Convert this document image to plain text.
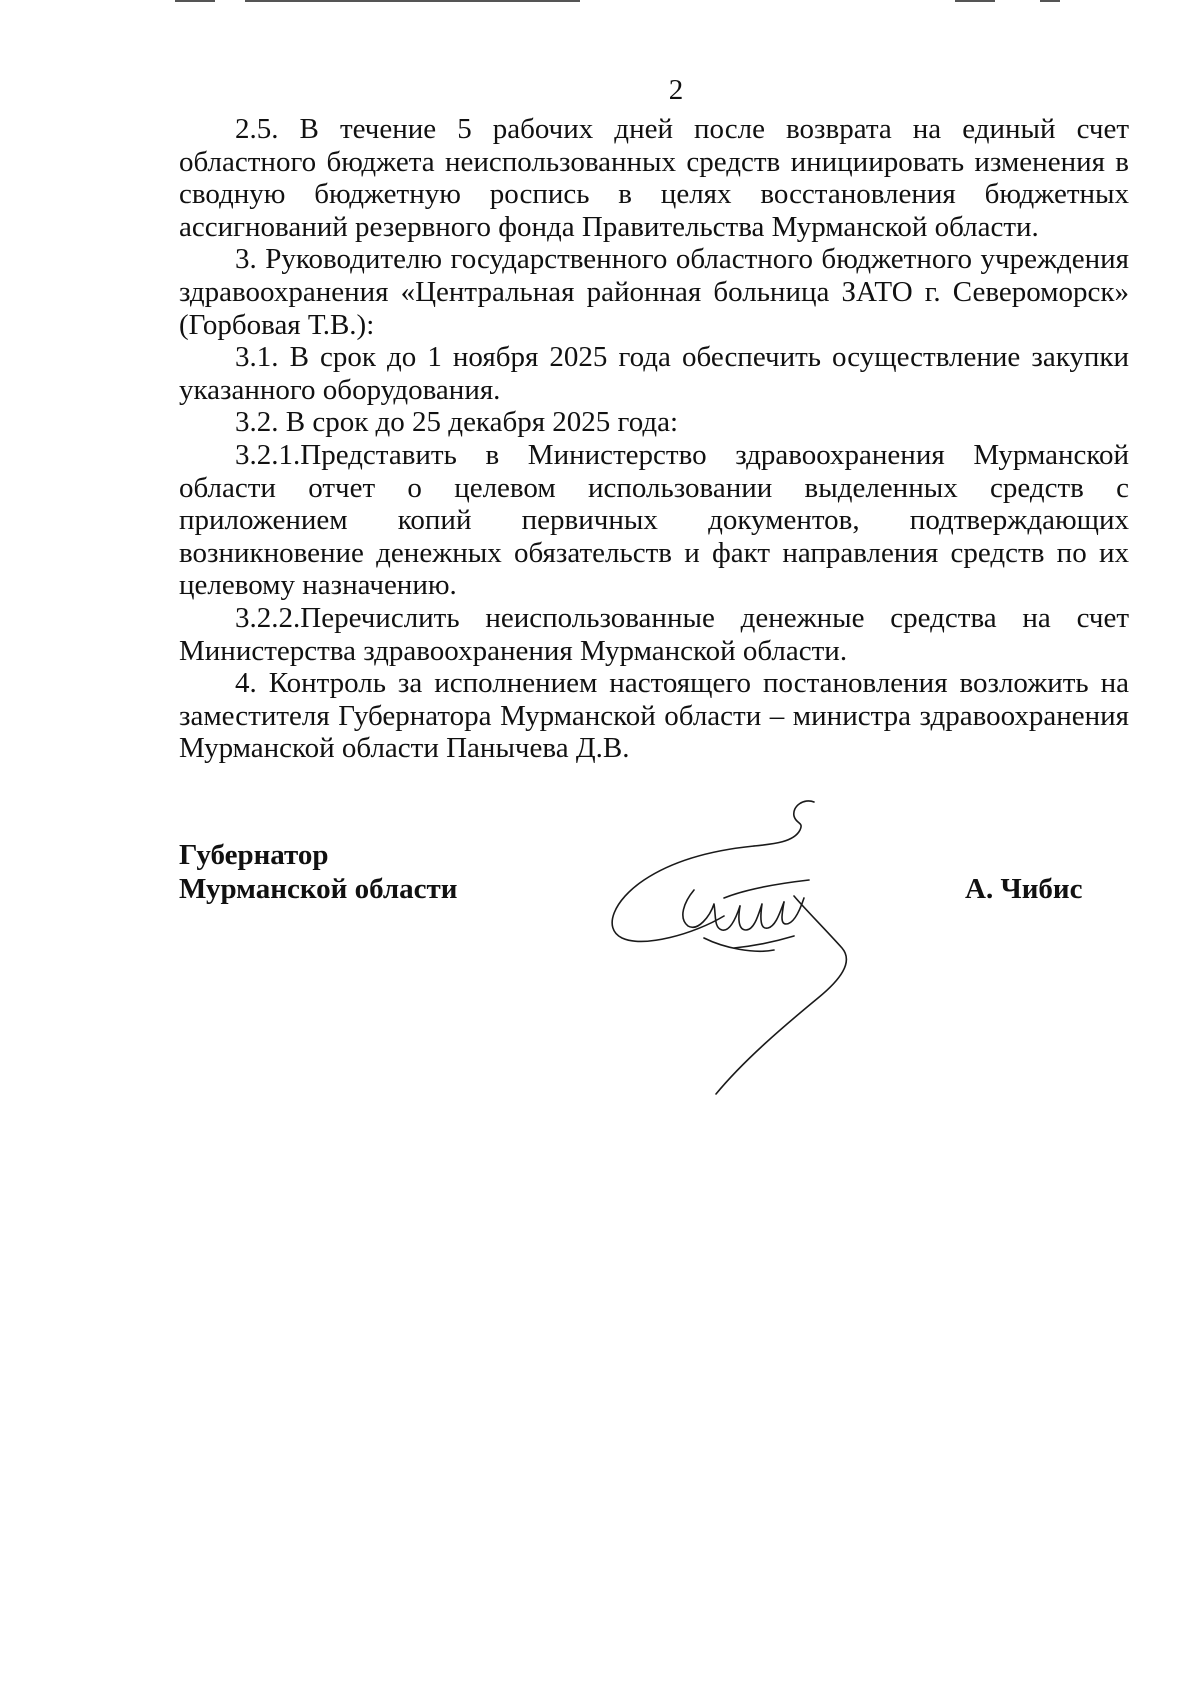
2

2.5. В течение 5 рабочих дней после возврата на единый счет областного бюджета неиспользованных средств инициировать изменения в сводную бюджетную роспись в целях восстановления бюджетных ассигнований резервного фонда Правительства Мурманской области.

3. Руководителю государственного областного бюджетного учреждения здравоохранения «Центральная районная больница ЗАТО г. Североморск» (Горбовая Т.В.):

3.1. В срок до 1 ноября 2025 года обеспечить осуществление закупки указанного оборудования.

3.2. В срок до 25 декабря 2025 года:

3.2.1.Представить в Министерство здравоохранения Мурманской области отчет о целевом использовании выделенных средств с приложением копий первичных документов, подтверждающих возникновение денежных обязательств и факт направления средств по их целевому назначению.

3.2.2.Перечислить неиспользованные денежные средства на счет Министерства здравоохранения Мурманской области.

4. Контроль за исполнением настоящего постановления возложить на заместителя Губернатора Мурманской области – министра здравоохранения Мурманской области Панычева Д.В.

Губернатор
Мурманской области	А. Чибис
